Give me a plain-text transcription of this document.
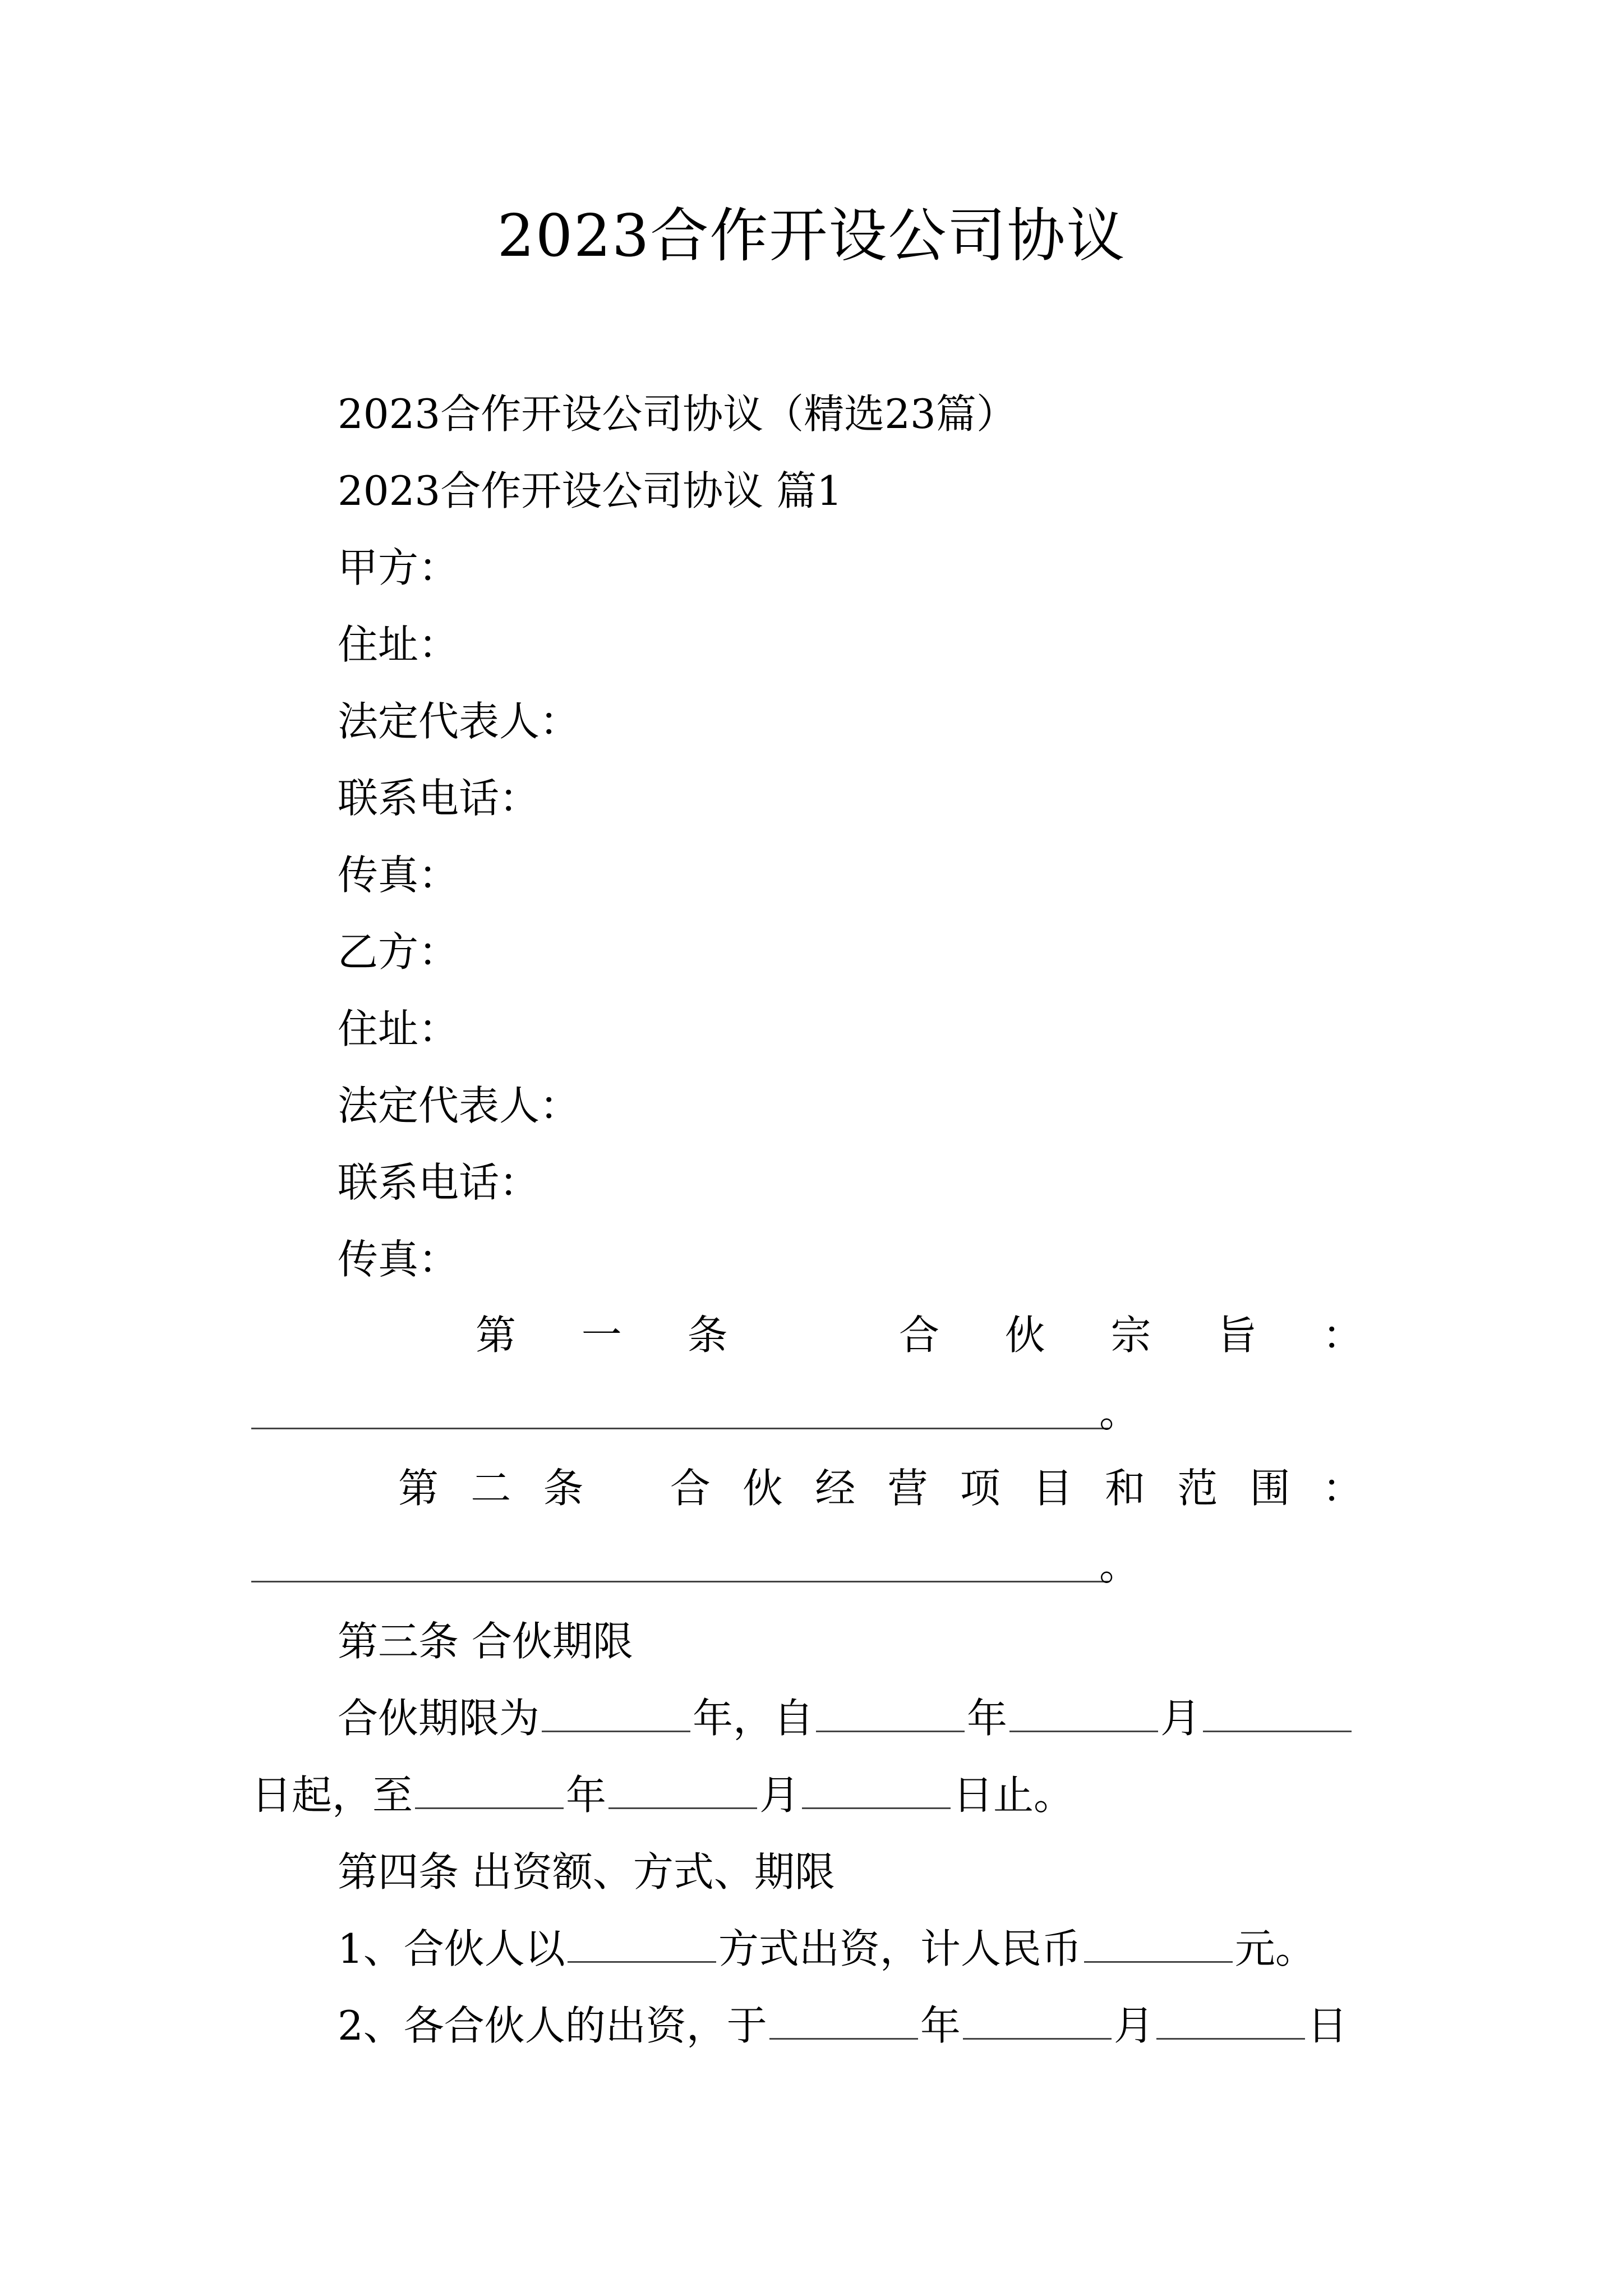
2023合作开设公司协议
2023合作开设公司协议（精选23篇）
2023合作开设公司协议 篇1
甲方：
住址：
法定代表人：
联系电话：
传真：
乙方：
住址：
法定代表人：
联系电话：
传真：
第 一 条	合 伙 宗 旨 ：
。
第 二 条 合 伙 经 营 项 目 和 范 围 ：
。
第三条 合伙期限
合伙期限为	年，自	年	月
日起，至	年	月	日止。
第四条 出资额、方式、期限
1、合伙人以	方式出资，计人民币	元。
2、各合伙人的出资，于	年	月	日
